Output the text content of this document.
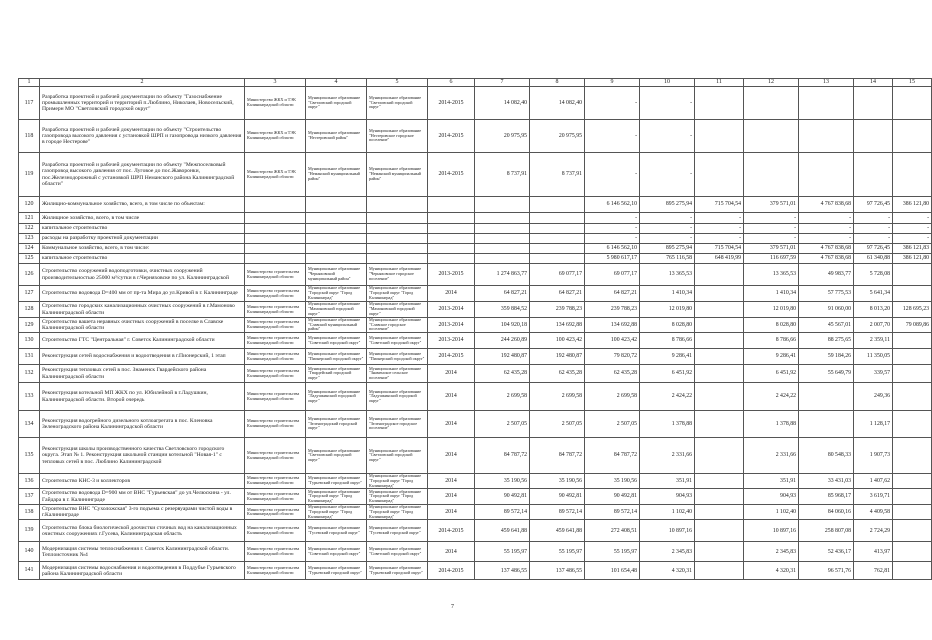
1	2	3	4	5	6	7	8	9	10	11	12	13	14	15
117	Разработка проектной и рабочей документации по объекту "Газоснабжение промышленных территорий и территорий п.Люблино, Николаев, Новосельский, Примерн МО "Светловский городской округ"	Министерство ЖКХ и ТЭК Калининградской области	Муниципальное образование "Светловский городской округ"	Муниципальное образование "Светловский городской округ"	2014-2015	14 082,40	14 082,40	-	-					
118	Разработка проектной и рабочей документации по объекту "Строительство газопровода высокого давления с установкой ШРП и газопровода низкого давления в городе Нестерове"	Министерство ЖКХ и ТЭК Калининградской области	Муниципальное образование "Нестеровский район"	Муниципальное образование "Нестеровское городское поселение"	2014-2015	20 975,95	20 975,95	-	-					
119	Разработка проектной и рабочей документации по объекту "Межпоселковый газопровод высокого давления от пос. Луговое до пос.Жаворонки, пос.Железнодорожный с установкой ШРП Неманского района Калининградской области"	Министерство ЖКХ и ТЭК Калининградской области	Муниципальное образование "Неманский муниципальный район"	Муниципальное образование "Неманский муниципальный район"	2014-2015	8 737,91	8 737,91	-	-					
120	Жилищно-коммунальное хозяйство, всего, в том числе по объектам:							6 146 562,10	895 275,94	715 704,54	379 571,01	4 767 838,68	97 726,45	386 121,80
121	Жилищное хозяйство, всего, в том числе							-	-	-	-	-	-	-
122	капитальное строительство							-	-	-	-	-	-	-
123	расходы на разработку проектной документации							-	-	-	-	-	-	-
124	Коммунальное хозяйство, всего, в том числе:							6 146 562,10	895 275,94	715 704,54	379 571,01	4 767 838,68	97 726,45	386 121,83
125	капитальное строительство							5 980 617,17	765 116,58	648 419,99	116 697,59	4 767 838,68	61 340,88	386 121,80
126	Строительство сооружений водоподготовки, очистных сооружений производительностью 25000 м³/сутки в г.Черняховске по ул. Калининградской	Министерство строительства Калининградской области	Муниципальное образование "Черняховский муниципальный район"	Муниципальное образование "Черняховское городское поселение"	2013-2015	1 274 863,77	69 077,17	69 077,17	13 365,53		13 365,53	49 983,77	5 728,08	
127	Строительство водовода D=400 мм от пр-та Мира до ул.Кривой в г. Калининграде	Министерство строительства Калининградской области	Муниципальное образование "Городской округ "Город Калининград"	Муниципальное образование "Городской округ "Город Калининград"	2014	64 827,21	64 827,21	64 827,21	1 410,34		1 410,34	57 775,53	5 641,34	
128	Строительство городских канализационных очистных сооружений в г.Мамоново Калининградской области	Министерство строительства Калининградской области	Муниципальное образование "Мамоновский городской округ"	Муниципальное образование "Мамоновский городской округ"	2013-2014	359 884,52	239 788,23	239 788,23	12 019,80		12 019,80	91 060,00	8 013,20	128 695,23
129	Строительство вашета неравных очистных сооружений в поселке в Славске Калининградской области	Министерство строительства Калининградской области	Муниципальное образование "Славский муниципальный район"	Муниципальное образование "Славское городское поселение"	2013-2014	104 920,18	134 692,88	134 692,88	8 028,80		8 028,80	45 567,01	2 007,70	79 089,86
130	Строительство ГТС "Центральная" г. Советск Калининградской области	Министерство строительства Калининградской области	Муниципальное образование "Советский городской округ"	Муниципальное образование "Советский городской округ"	2013-2014	244 260,89	100 423,42	100 423,42	8 786,66		8 786,66	88 275,65	2 359,11	
131	Реконструкция сетей водоснабжения и водоотведения в г.Пионерский, 1 этап	Министерство строительства Калининградской области	Муниципальное образование "Пионерский городской округ"	Муниципальное образование "Пионерский городской округ"	2014-2015	192 480,87	192 480,87	79 820,72	9 286,41		9 286,41	59 184,26	11 350,05	
132	Реконструкция тепловых сетей в пос. Знаменск Гвардейского района Калининградской области	Министерство строительства Калининградской области	Муниципальное образование "Гвардейский городской округ"	Муниципальное образование "Знаменское сельское поселение"	2014	62 435,28	62 435,28	62 435,28	6 451,92		6 451,92	55 649,79	339,57	
133	Реконструкция котельной МП ЖКХ по ул. Юбилейной в г.Ладушкин, Калининградской области. Второй очередь	Министерство строительства Калининградской области	Муниципальное образование "Ладушкинский городской округ"	Муниципальное образование "Ладушкинский городской округ"	2014	2 699,58	2 699,58	2 699,58	2 424,22		2 424,22		249,36	
134	Реконструкция водогрейного дизельного котлоагрегата в пос. Кленовка Зеленоградского района Калининградской области	Министерство строительства Калининградской области	Муниципальное образование "Зеленоградский городской округ"	Муниципальное образование "Зеленоградское городское поселение"	2014	2 507,05	2 507,05	2 507,05	1 378,88		1 378,88		1 128,17	
135	Реконструкция школы производственного качества Светловского городского округа. Этап № 1. Реконструкция школьной станции котельной "Новая-1" с тепловых сетей в пос. Люблино Калининградской	Министерство строительства Калининградской области	Муниципальное образование "Светловский городской округ"	Муниципальное образование "Светловский городской округ"	2014	84 787,72	84 787,72	84 787,72	2 331,66		2 331,66	80 548,33	1 907,73	
136	Строительство КНС-3 и коллекторов	Министерство строительства Калининградской области	Муниципальное образование "Гурьевский городской округ"	Муниципальное образование "Городской округ "Город Калининград"	2014	35 190,56	35 190,56	35 190,56	351,91		351,91	33 431,03	1 407,62	
137	Строительство водовода D=900 мм от ВНС "Гурьевская" до ул.Челюскина - ул. Гайдара в г. Калининграде	Министерство строительства Калининградской области	Муниципальное образование "Городской округ "Город Калининград"	Муниципальное образование "Городской округ "Город Калининград"	2014	90 492,81	90 492,81	90 492,81	904,93		904,93	85 968,17	3 619,71	
138	Строительство ВНС "Сухоложская" 3-го подъема с резервуарами чистой воды в г.Калининграде	Министерство строительства Калининградской области	Муниципальное образование "Городской округ "Город Калининград"	Муниципальное образование "Городской округ "Город Калининград"	2014	89 572,14	89 572,14	89 572,14	1 102,40		1 102,40	84 060,16	4 409,58	
139	Строительство блока биологической доочистки сточных вод на канализационных очистных сооружениях г.Гусева, Калининградская область	Министерство строительства Калининградской области	Муниципальное образование "Гусевский городской округ"	Муниципальное образование "Гусевский городской округ"	2014-2015	459 641,88	459 641,88	272 408,51	10 897,16		10 897,16	258 807,08	2 724,29	
140	Модернизация системы теплоснабжения г. Советск Калининградской области. Теплоисточник №4	Министерство строительства Калининградской области	Муниципальное образование "Советский городской округ"	Муниципальное образование "Советский городской округ"	2014	55 195,97	55 195,97	55 195,97	2 345,83		2 345,83	52 436,17	413,97	
141	Модернизация системы водоснабжения и водоотведения в Поддубье Гурьевского района Калининградской области	Министерство строительства Калининградской области	Муниципальное образование "Гурьевский городской округ"	Муниципальное образование "Гурьевский городской округ"	2014-2015	137 486,55	137 486,55	101 654,48	4 320,31		4 320,31	96 571,76	762,81	
7
